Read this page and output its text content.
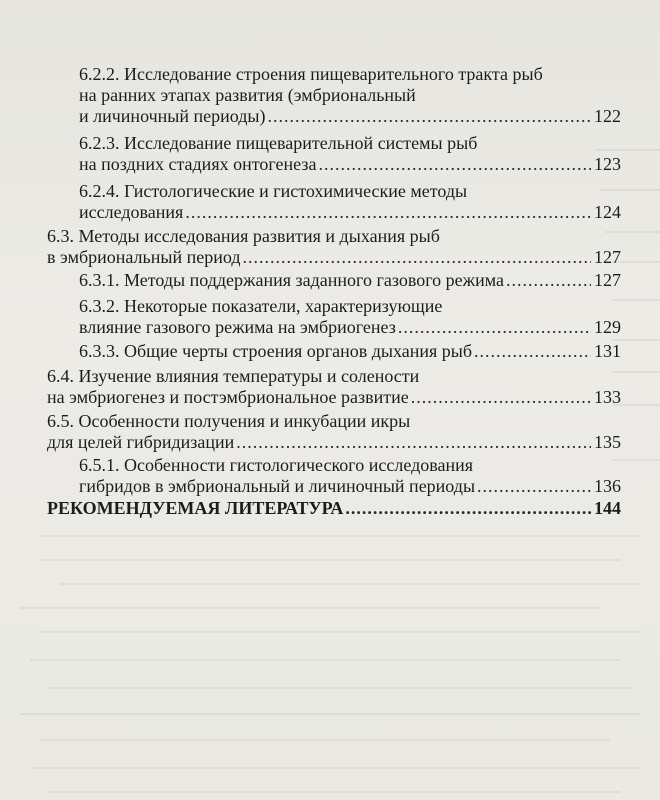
6.2.2. Исследование строения пищеварительного тракта рыб
на ранних этапах развития (эмбриональный
и личиночный периоды) .....	122
6.2.3. Исследование пищеварительной системы рыб
на поздних стадиях онтогенеза .....	123
6.2.4. Гистологические и гистохимические методы
исследования .....	124
6.3. Методы исследования развития и дыхания рыб
в эмбриональный период .....	127
6.3.1. Методы поддержания заданного газового режима .....	127
6.3.2. Некоторые показатели, характеризующие
влияние газового режима на эмбриогенез .....	129
6.3.3. Общие черты строения органов дыхания рыб .....	131
6.4. Изучение влияния температуры и солености
на эмбриогенез и постэмбриональное развитие .....	133
6.5. Особенности получения и инкубации икры
для целей гибридизации .....	135
6.5.1. Особенности гистологического исследования
гибридов в эмбриональный и личиночный периоды .....	136
РЕКОМЕНДУЕМАЯ ЛИТЕРАТУРА .....	144
